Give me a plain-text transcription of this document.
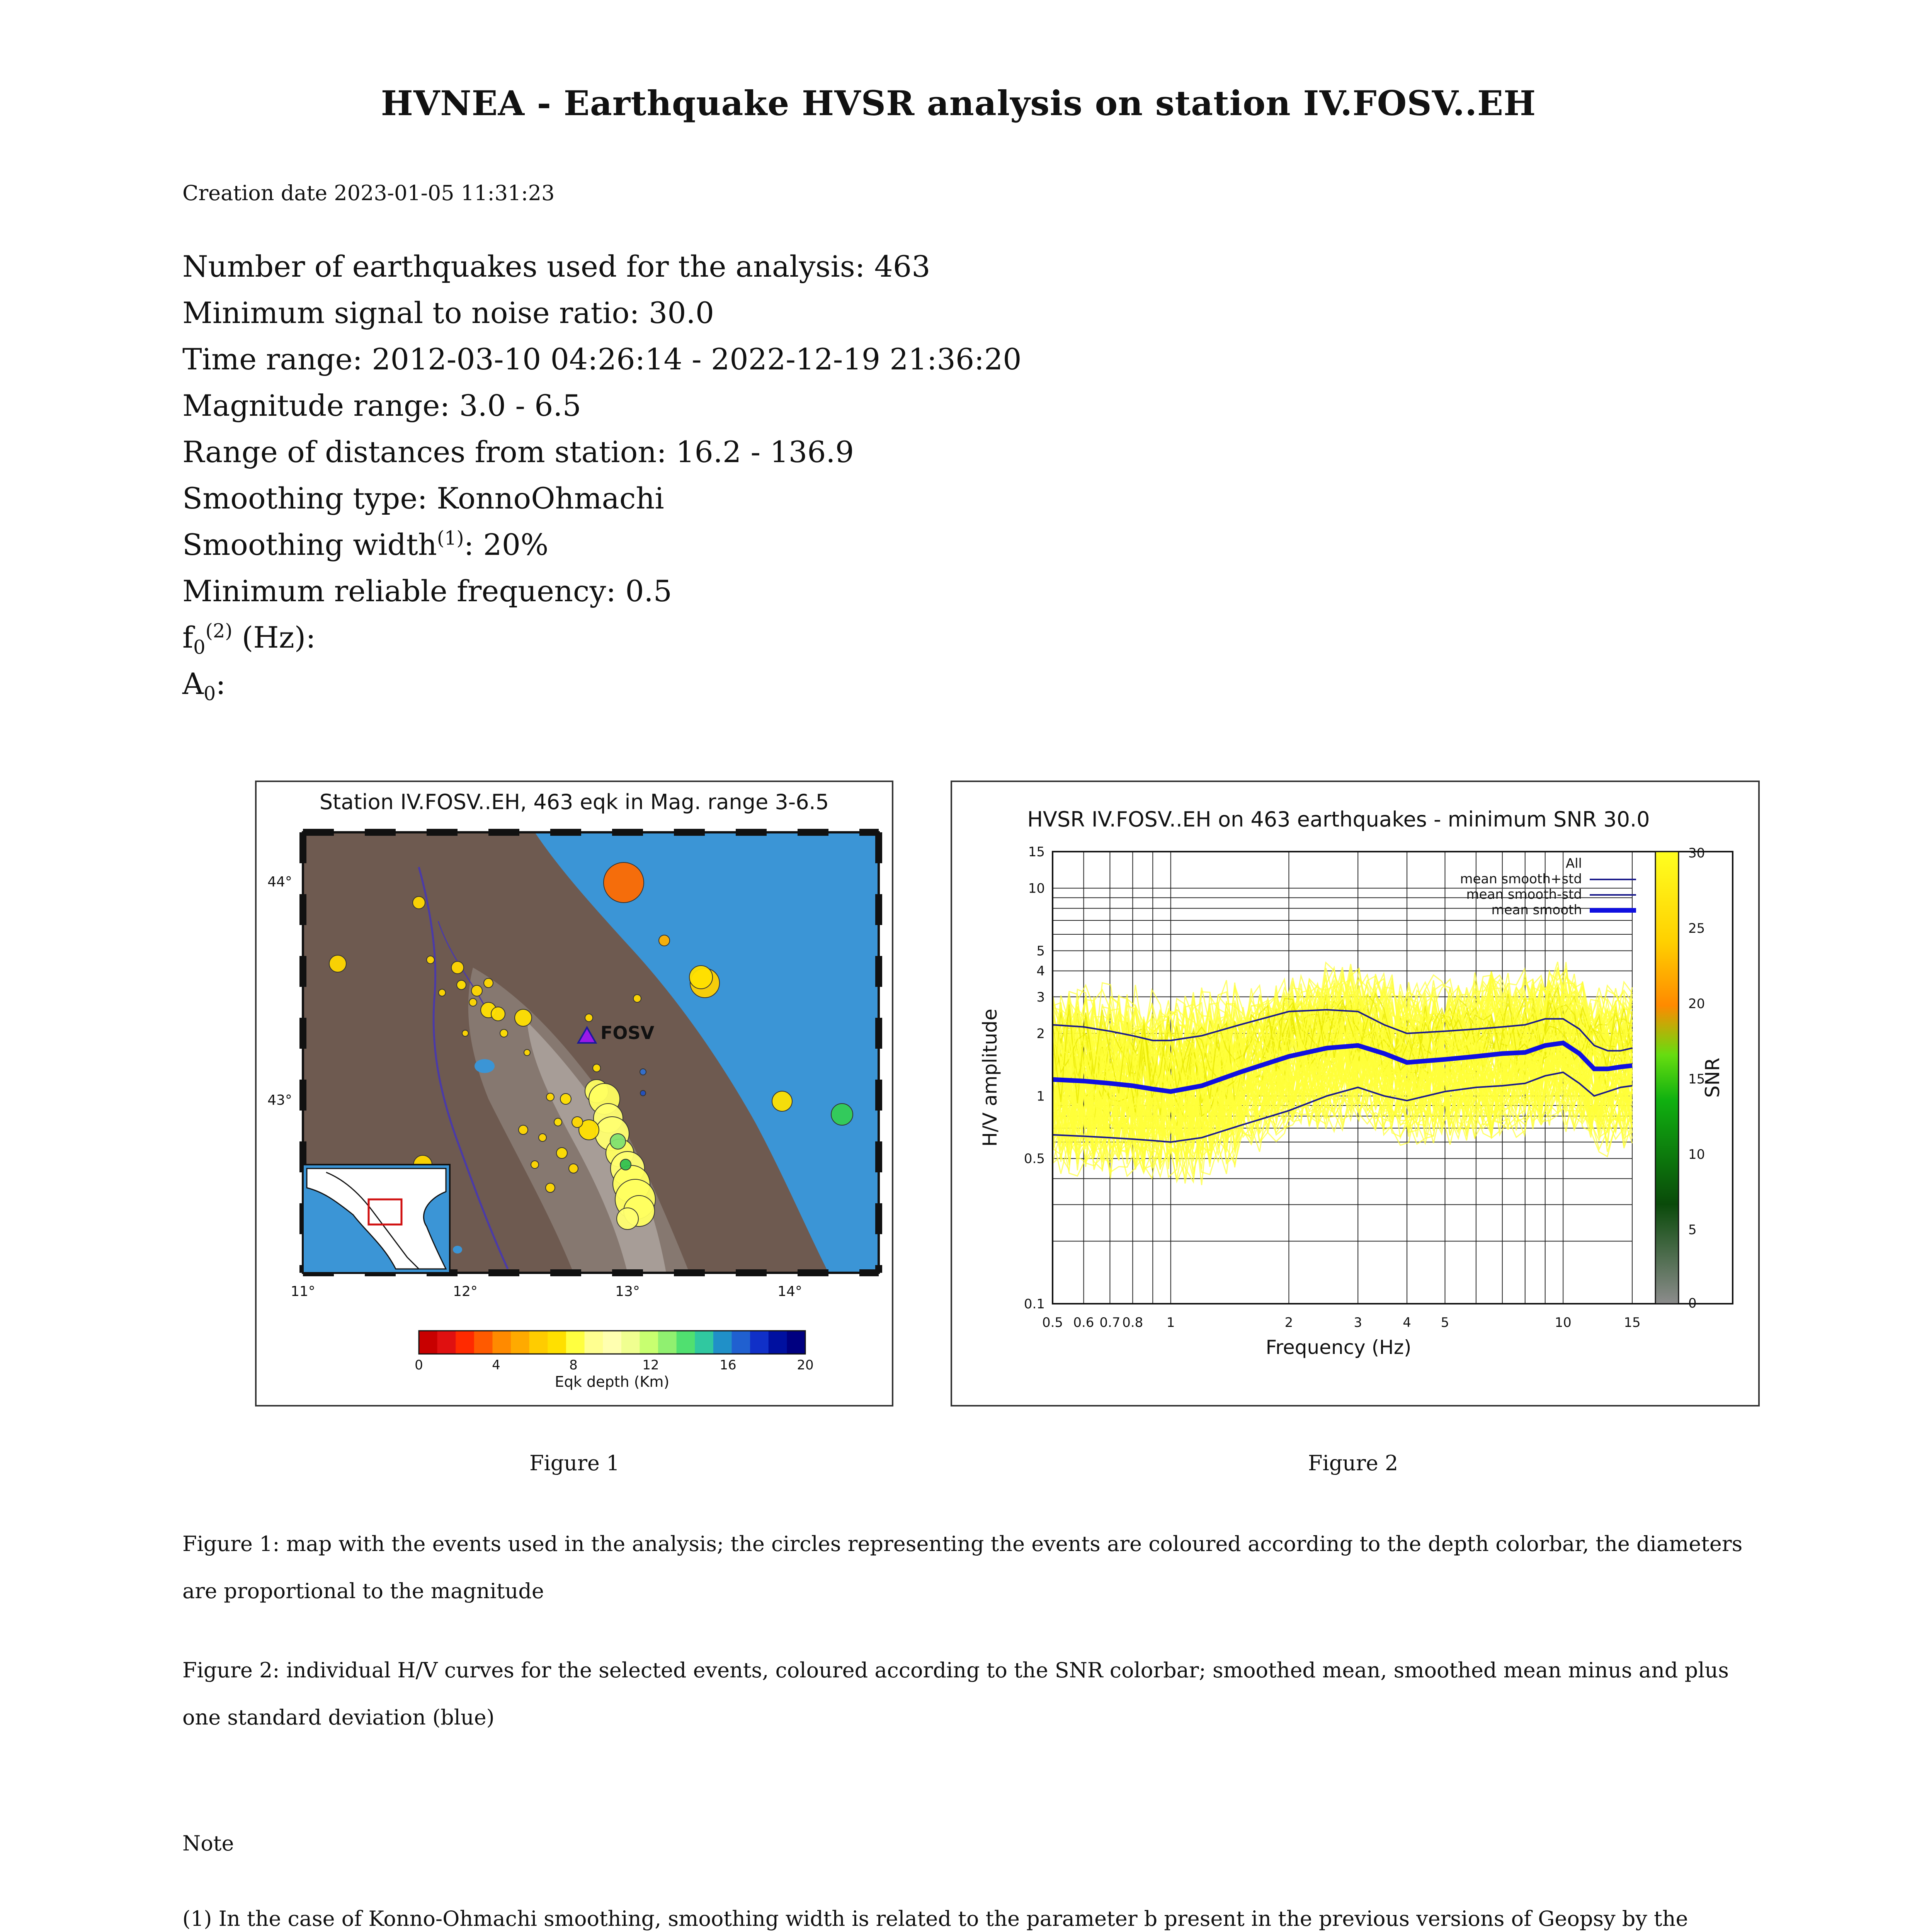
HVNEA - Earthquake HVSR analysis on station IV.FOSV..EH
Creation date 2023-01-05 11:31:23
Number of earthquakes used for the analysis: 463
Minimum signal to noise ratio: 30.0
Time range: 2012-03-10 04:26:14 - 2022-12-19 21:36:20
Magnitude range: 3.0 - 6.5
Range of distances from station: 16.2 - 136.9
Smoothing type: KonnoOhmachi
Smoothing width$^{(1)}$: 20%
Minimum reliable frequency: 0.5
$f_0^{(2)}$ (Hz):
$A_0$:
Station IV.FOSV..EH, 463 eqk in Mag. range 3-6.5
FOSV
44°
43°
11°	12°	13°	14°
0	4	8	12	16	20
Eqk depth (Km)
HVSR IV.FOSV..EH on 463 earthquakes - minimum SNR 30.0
0.5 0.6 0.7 0.8 1	2	3	4 5	10	15
0.1
0.5
1
2
3
4
5
10
15
All
mean smooth+std
mean smooth-std
mean smooth
Frequency (Hz)
H/V amplitude
30
25
20
15
10
5
0
SNR
Figure 1	Figure 2
Figure 1: map with the events used in the analysis; the circles representing the events are coloured according to the depth colorbar, the diameters are proportional to the magnitude
Figure 2: individual H/V curves for the selected events, coloured according to the SNR colorbar; smoothed mean, smoothed mean minus and plus one standard deviation (blue)
Note
(1) In the case of Konno-Ohmachi smoothing, smoothing width is related to the parameter b present in the previous versions of Geopsy by the
